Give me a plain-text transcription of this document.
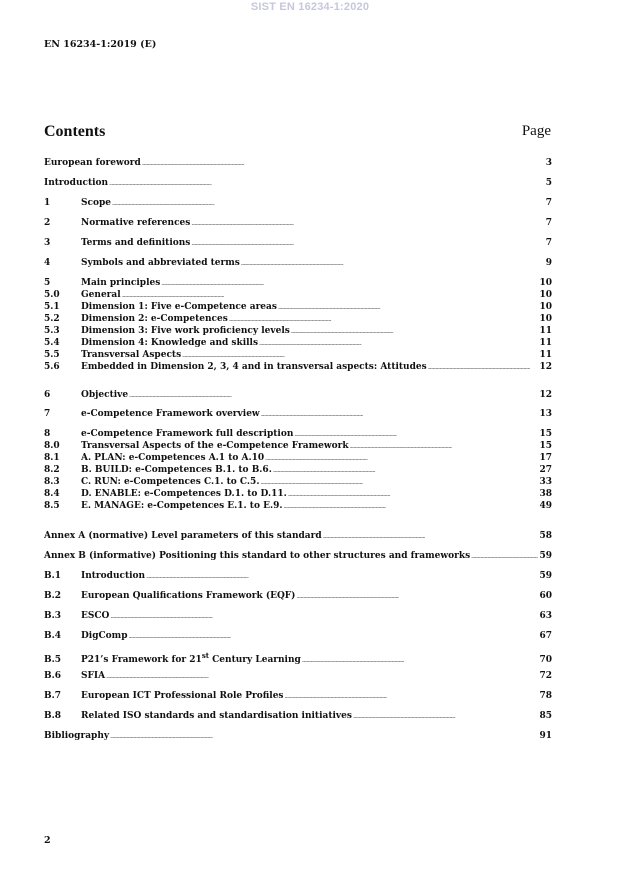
SIST EN 16234-1:2020
EN 16234-1:2019 (E)
Contents	Page
European foreword . . .	3
Introduction . . .	5
1	Scope . . .	7
2	Normative references . . .	7
3	Terms and definitions . . .	7
4	Symbols and abbreviated terms . . .	9
5	Main principles . . .	10
5.0	General . . .	10
5.1	Dimension 1: Five e-Competence areas . . .	10
5.2	Dimension 2: e-Competences . . .	10
5.3	Dimension 3: Five work proficiency levels . . .	11
5.4	Dimension 4: Knowledge and skills . . .	11
5.5	Transversal Aspects . . .	11
5.6	Embedded in Dimension 2, 3, 4 and in transversal aspects: Attitudes . . .	12
6	Objective . . .	12
7	e-Competence Framework overview . . .	13
8	e-Competence Framework full description . . .	15
8.0	Transversal Aspects of the e-Competence Framework . . .	15
8.1	A. PLAN: e-Competences A.1 to A.10 . . .	17
8.2	B. BUILD: e-Competences B.1. to B.6. . . .	27
8.3	C. RUN: e-Competences C.1. to C.5. . . .	33
8.4	D. ENABLE: e-Competences D.1. to D.11. . . .	38
8.5	E. MANAGE: e-Competences E.1. to E.9. . . .	49
Annex A (normative) Level parameters of this standard . . .	58
Annex B (informative) Positioning this standard to other structures and frameworks . . .	59
B.1	Introduction . . .	59
B.2	European Qualifications Framework (EQF) . . .	60
B.3	ESCO . . .	63
B.4	DigComp . . .	67
B.5	P21’s Framework for 21st Century Learning . . .	70
B.6	SFIA . . .	72
B.7	European ICT Professional Role Profiles . . .	78
B.8	Related ISO standards and standardisation initiatives . . .	85
Bibliography . . .	91
2
